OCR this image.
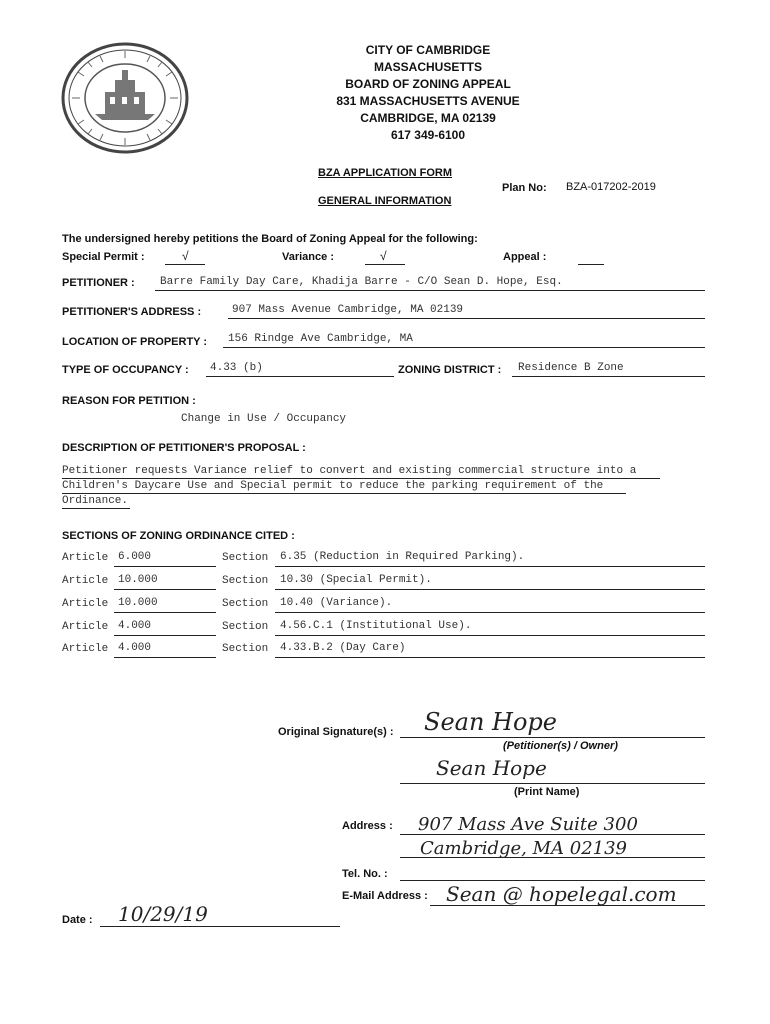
CITY OF CAMBRIDGE
MASSACHUSETTS
BOARD OF ZONING APPEAL
831 MASSACHUSETTS AVENUE
CAMBRIDGE, MA 02139
617 349-6100
BZA APPLICATION FORM
Plan No: BZA-017202-2019
GENERAL INFORMATION
The undersigned hereby petitions the Board of Zoning Appeal for the following:
Special Permit :	√	Variance :	√	Appeal :
PETITIONER : Barre Family Day Care, Khadija Barre - C/O Sean D. Hope, Esq.
PETITIONER'S ADDRESS :	907 Mass Avenue Cambridge, MA 02139
LOCATION OF PROPERTY : 156 Rindge Ave Cambridge, MA
TYPE OF OCCUPANCY : 4.33 (b)	ZONING DISTRICT : Residence B Zone
REASON FOR PETITION :
Change in Use / Occupancy
DESCRIPTION OF PETITIONER'S PROPOSAL :
Petitioner requests Variance relief to convert and existing commercial structure into a
Children's Daycare Use and Special permit to reduce the parking requirement of the
Ordinance.
SECTIONS OF ZONING ORDINANCE CITED :
Article 6.000	Section 6.35 (Reduction in Required Parking).
Article 10.000	Section 10.30 (Special Permit).
Article 10.000	Section 10.40 (Variance).
Article 4.000	Section 4.56.C.1 (Institutional Use).
Article 4.000	Section 4.33.B.2 (Day Care)
Original Signature(s) : Sean Hope
(Petitioner(s) / Owner)
Sean Hope
(Print Name)
Address : 907 Mass Ave Suite 300
Cambridge, MA 02139
Tel. No. :
E-Mail Address : Sean @ hopelegal.com
Date : 10/29/19
